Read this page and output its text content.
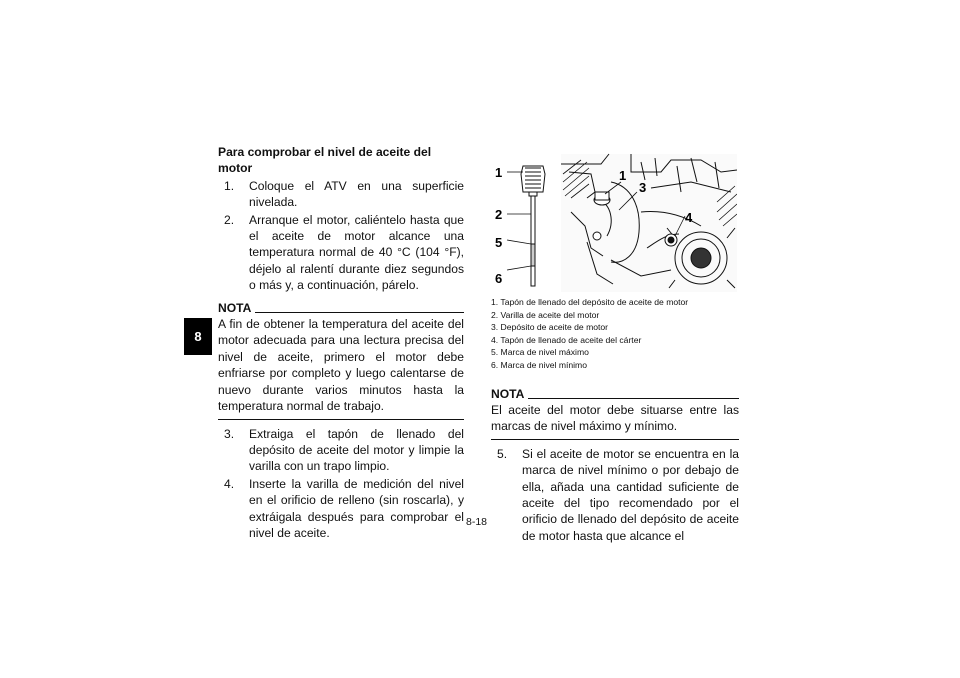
8
Para comprobar el nivel de aceite del motor
1. Coloque el ATV en una superficie nivelada.
2. Arranque el motor, caliéntelo hasta que el aceite de motor alcance una temperatura normal de 40 °C (104 °F), déjelo al ralentí durante diez segundos o más y, a continuación, párelo.
NOTA
A fin de obtener la temperatura del aceite del motor adecuada para una lectura precisa del nivel de aceite, primero el motor debe enfriarse por completo y luego calentarse de nuevo durante varios minutos hasta la temperatura normal de trabajo.
3. Extraiga el tapón de llenado del depósito de aceite del motor y limpie la varilla con un trapo limpio.
4. Inserte la varilla de medición del nivel en el orificio de relleno (sin roscarla), y extráigala después para comprobar el nivel de aceite.
1
2
5
6
1
3
4
1. Tapón de llenado del depósito de aceite de motor
2. Varilla de aceite del motor
3. Depósito de aceite de motor
4. Tapón de llenado de aceite del cárter
5. Marca de nivel máximo
6. Marca de nivel mínimo
NOTA
El aceite del motor debe situarse entre las marcas de nivel máximo y mínimo.
5. Si el aceite de motor se encuentra en la marca de nivel mínimo o por debajo de ella, añada una cantidad suficiente de aceite del tipo recomendado por el orificio de llenado del depósito de aceite de motor hasta que alcance el
8-18
